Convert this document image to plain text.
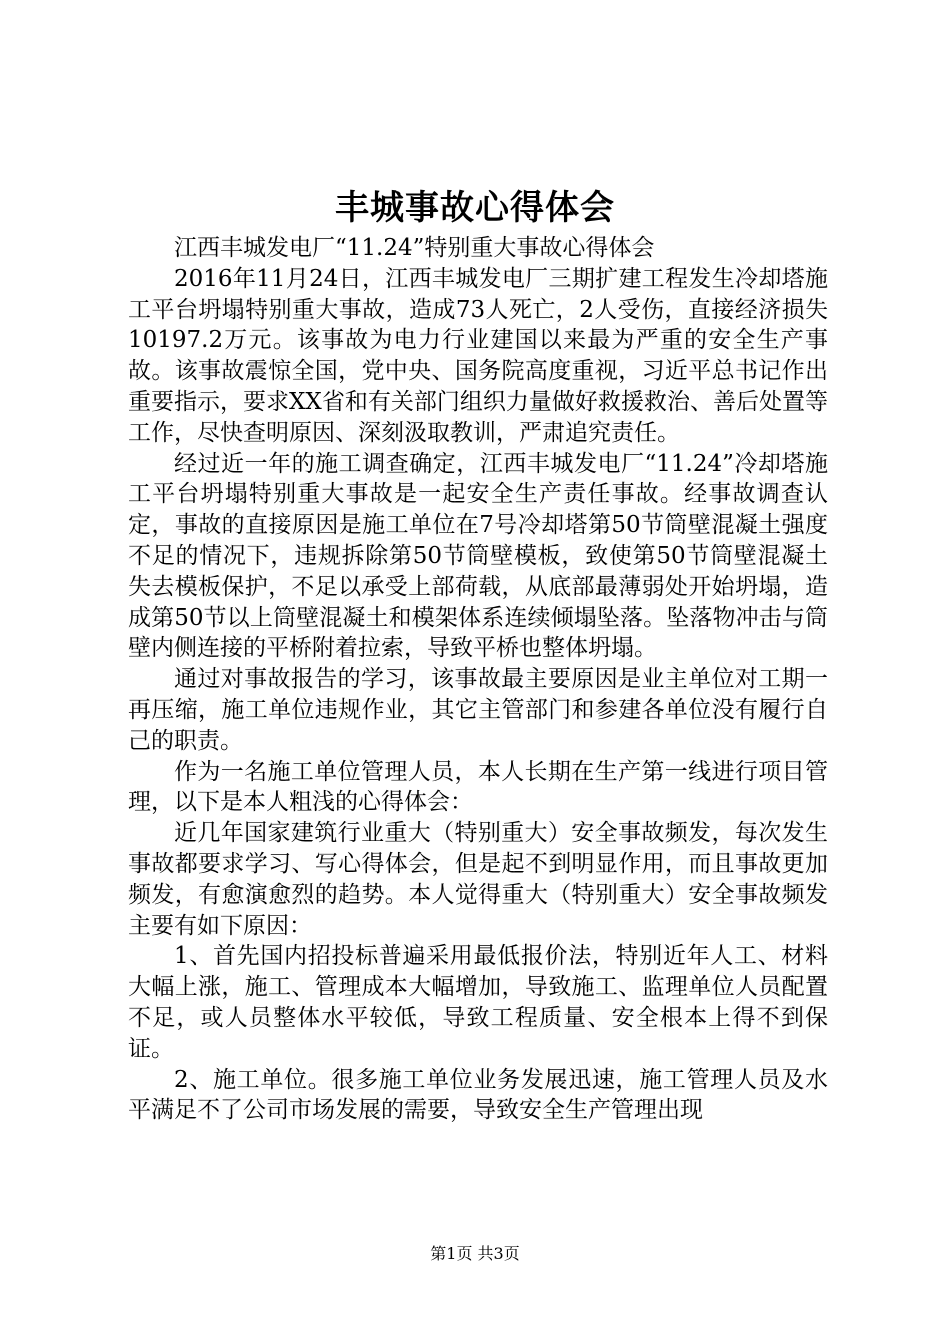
丰城事故心得体会

江西丰城发电厂“11.24”特别重大事故心得体会

2016年11月24日，江西丰城发电厂三期扩建工程发生冷却塔施工平台坍塌特别重大事故，造成73人死亡，2人受伤，直接经济损失10197.2万元。该事故为电力行业建国以来最为严重的安全生产事故。该事故震惊全国，党中央、国务院高度重视，习近平总书记作出重要指示，要求XX省和有关部门组织力量做好救援救治、善后处置等工作，尽快查明原因、深刻汲取教训，严肃追究责任。

经过近一年的施工调查确定，江西丰城发电厂“11.24”冷却塔施工平台坍塌特别重大事故是一起安全生产责任事故。经事故调查认定，事故的直接原因是施工单位在7号冷却塔第50节筒壁混凝土强度不足的情况下，违规拆除第50节筒壁模板，致使第50节筒壁混凝土失去模板保护，不足以承受上部荷载，从底部最薄弱处开始坍塌，造成第50节以上筒壁混凝土和模架体系连续倾塌坠落。坠落物冲击与筒壁内侧连接的平桥附着拉索，导致平桥也整体坍塌。

通过对事故报告的学习，该事故最主要原因是业主单位对工期一再压缩，施工单位违规作业，其它主管部门和参建各单位没有履行自己的职责。

作为一名施工单位管理人员，本人长期在生产第一线进行项目管理，以下是本人粗浅的心得体会：

近几年国家建筑行业重大（特别重大）安全事故频发，每次发生事故都要求学习、写心得体会，但是起不到明显作用，而且事故更加频发，有愈演愈烈的趋势。本人觉得重大（特别重大）安全事故频发主要有如下原因：

1、首先国内招投标普遍采用最低报价法，特别近年人工、材料大幅上涨，施工、管理成本大幅增加，导致施工、监理单位人员配置不足，或人员整体水平较低，导致工程质量、安全根本上得不到保证。

2、施工单位。很多施工单位业务发展迅速，施工管理人员及水平满足不了公司市场发展的需要，导致安全生产管理出现

第1页 共3页
